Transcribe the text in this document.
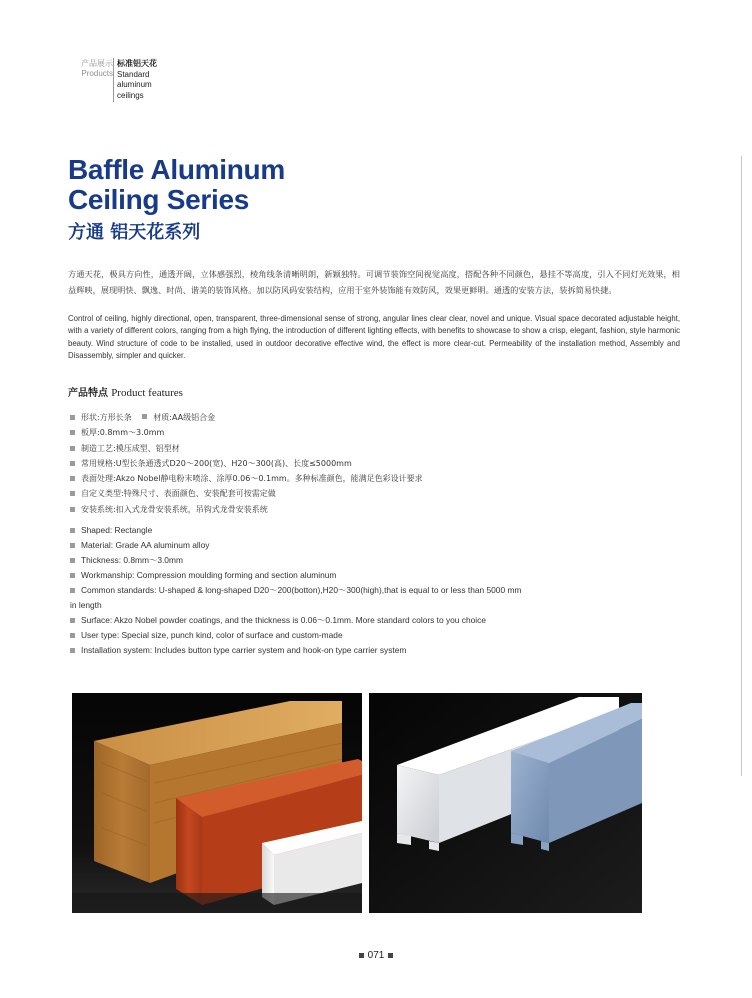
产品展示
Products
标准铝天花
Standard
aluminum
ceilings
Baffle Aluminum
Ceiling Series
方通 铝天花系列
方通天花，极具方向性，通透开阔，立体感强烈，棱角线条清晰明朗，新颖独特。可调节装饰空间视觉高度，搭配各种不同颜色，悬挂不等高度，引入不同灯光效果，相益辉映，展现明快、飘逸、时尚、谐美的装饰风格。加以防风码安装结构，应用于室外装饰能有效防风，效果更鲜明。通透的安装方法，装拆简易快捷。
Control of ceiling, highly directional, open, transparent, three-dimensional sense of strong, angular lines clear clear, novel and unique. Visual space decorated adjustable height, with a variety of different colors, ranging from a high flying, the introduction of different lighting effects, with benefits to showcase to show a crisp, elegant, fashion, style harmonic beauty. Wind structure of code to be installed, used in outdoor decorative effective wind, the effect is more clear-cut. Permeability of the installation method, Assembly and Disassembly, simpler and quicker.
产品特点 Product features
形状:方形长条	材质:AA级铝合金
板厚:0.8mm～3.0mm
制造工艺:模压成型、铝型材
常用规格:U型长条通透式D20～200(宽)、H20～300(高)、长度≤5000mm
表面处理:Akzo Nobel静电粉末喷涂、涂厚0.06～0.1mm。多种标准颜色，能满足色彩设计要求
自定义类型:特殊尺寸、表面颜色、安装配套可按需定做
安装系统:扣入式龙骨安装系统，吊钩式龙骨安装系统
Shaped: Rectangle
Material: Grade AA aluminum alloy
Thickness: 0.8mm～3.0mm
Workmanship: Compression moulding forming and section aluminum
Common standards: U-shaped & long-shaped D20～200(botton),H20～300(high),that is equal to or less than 5000 mm
in length
Surface: Akzo Nobel powder coatings, and the thickness is 0.06～0.1mm. More standard colors to you choice
User type: Special size, punch kind, color of surface and custom-made
Installation system: Includes button type carrier system and hook-on type carrier system
071
